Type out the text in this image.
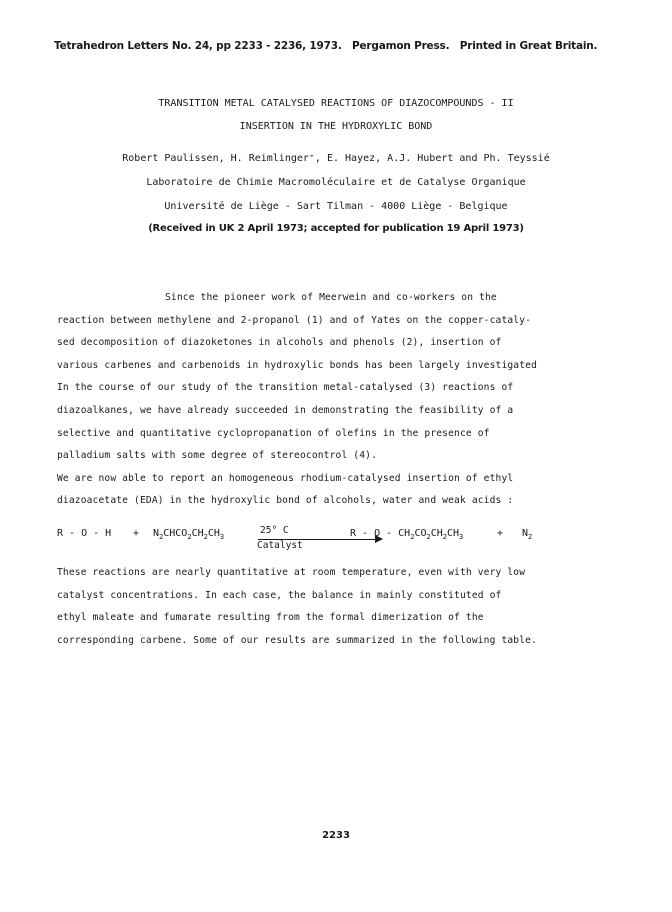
Tetrahedron Letters No. 24, pp 2233 - 2236, 1973.   Pergamon Press.   Printed in Great Britain.
TRANSITION METAL CATALYSED REACTIONS OF DIAZOCOMPOUNDS - II
INSERTION IN THE HYDROXYLIC BOND
Robert Paulissen, H. Reimlinger⁺, E. Hayez, A.J. Hubert and Ph. Teyssié
Laboratoire de Chimie Macromoléculaire et de Catalyse Organique
Université de Liège - Sart Tilman - 4000 Liège - Belgique
(Received in UK 2 April 1973; accepted for publication 19 April 1973)

Since the pioneer work of Meerwein and co-workers on the

reaction between methylene and 2-propanol (1) and of Yates on the copper-cataly-

sed decomposition of diazoketones in alcohols and phenols (2), insertion of

various carbenes and carbenoids in hydroxylic bonds has been largely investigated

In the course of our study of the transition metal-catalysed (3) reactions of

diazoalkanes, we have already succeeded in demonstrating the feasibility of a

selective and quantitative cyclopropanation of olefins in the presence of

palladium salts with some degree of stereocontrol (4).

We are now able to report an homogeneous rhodium-catalysed insertion of ethyl

diazoacetate (EDA) in the hydroxylic bond of alcohols, water and weak acids :

$R - O - H + N_2CHCO_2CH_2CH_3$
25° C
Catalyst
R - O - $CH_2CO_2CH_2CH_3$	+ $N_2$

These reactions are nearly quantitative at room temperature, even with very low

catalyst concentrations. In each case, the balance in mainly constituted of

ethyl maleate and fumarate resulting from the formal dimerization of the

corresponding carbene. Some of our results are summarized in the following table.

2233
